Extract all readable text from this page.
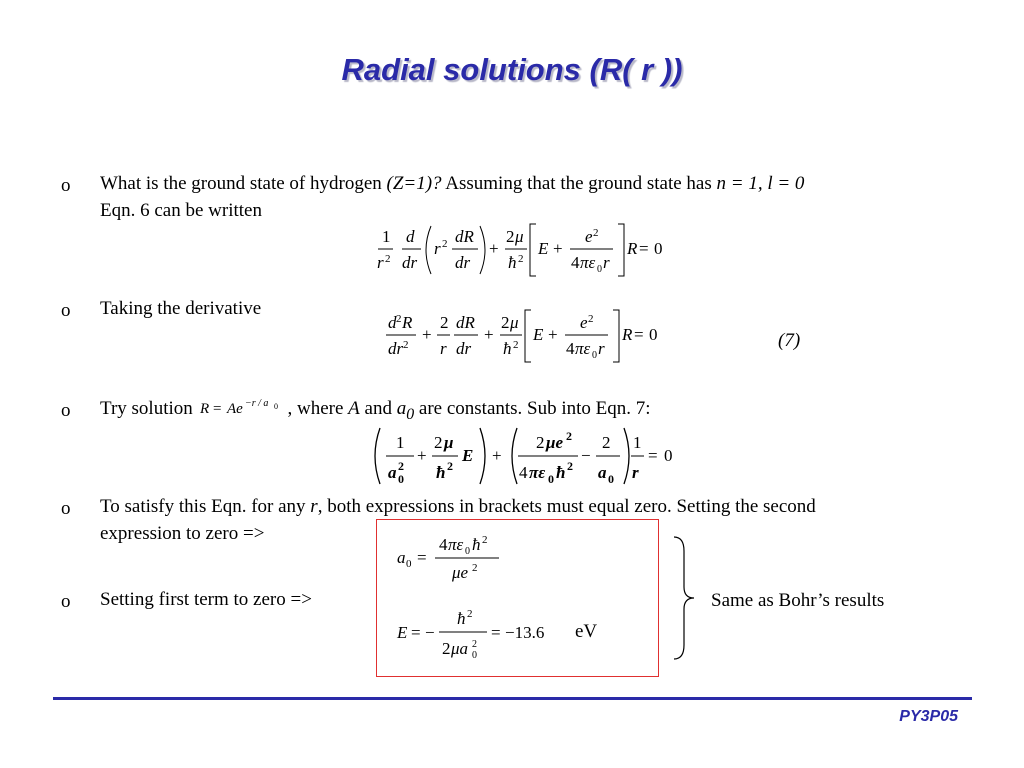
Radial solutions (R( r ))
o What is the ground state of hydrogen (Z=1)? Assuming that the ground state has n = 1, l = 0
Eqn. 6 can be written
1
r 2
d
dr
r 2 dR
dr
+
2 μ
ħ 2
E +
e 2
4 πε 0 r
R = 0
o Taking the derivative
d 2 R
dr 2
+
2
r
dR
dr
+
2 μ
ħ 2
E +
e 2
4 πε 0 r
R = 0	(7)
o Try solution R = Ae −r / a 0 , where A and $a_0$ are constants. Sub into Eqn. 7:
1
a 0
2
+
2 μ
ħ 2
E +
2 μe 2
4 πε 0 ħ 2
−
2
a 0
1
r
= 0
o To satisfy this Eqn. for any r, both expressions in brackets must equal zero. Setting the second
expression to zero =>
o Setting first term to zero =>
a 0 =
4 πε 0 ħ 2
μe 2
E = −
ħ 2
2 μa 0
2
= −13.6 eV
Same as Bohr’s results
PY3P05
